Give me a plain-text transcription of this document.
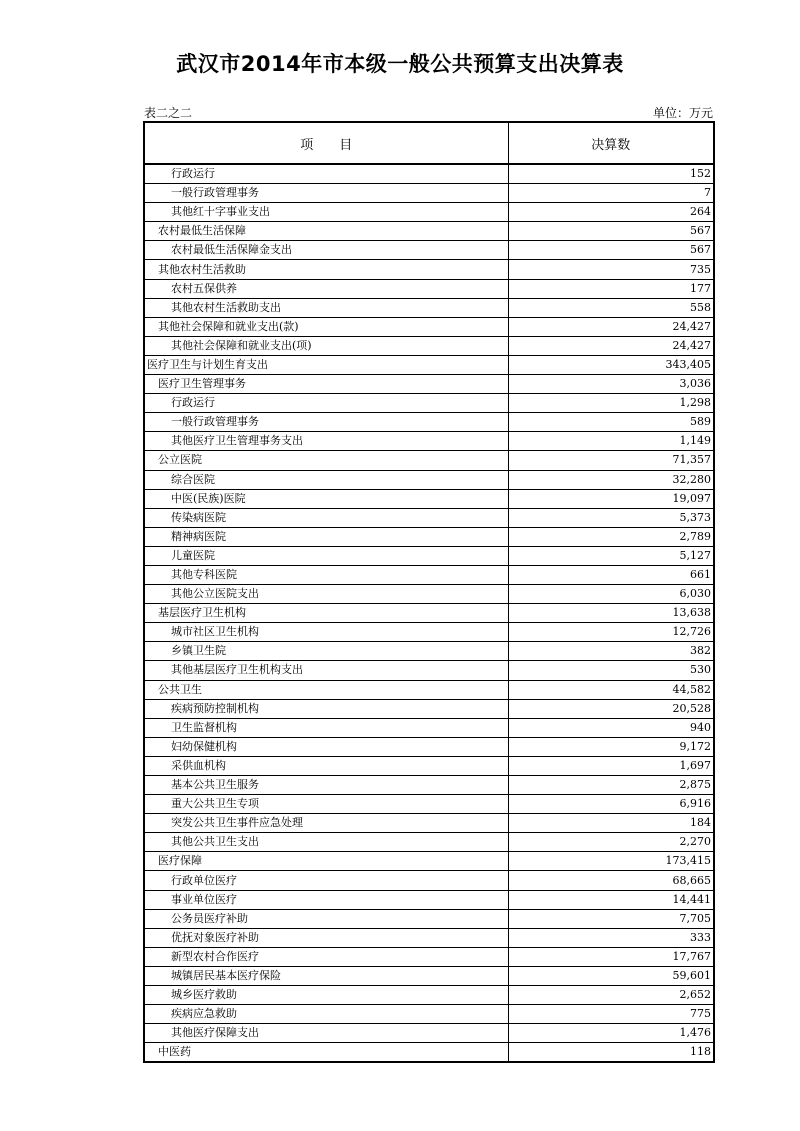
武汉市2014年市本级一般公共预算支出决算表
表二之二	单位：万元
项 目	决算数
行政运行	152
一般行政管理事务	7
其他红十字事业支出	264
农村最低生活保障	567
农村最低生活保障金支出	567
其他农村生活救助	735
农村五保供养	177
其他农村生活救助支出	558
其他社会保障和就业支出(款)	24,427
其他社会保障和就业支出(项)	24,427
医疗卫生与计划生育支出	343,405
医疗卫生管理事务	3,036
行政运行	1,298
一般行政管理事务	589
其他医疗卫生管理事务支出	1,149
公立医院	71,357
综合医院	32,280
中医(民族)医院	19,097
传染病医院	5,373
精神病医院	2,789
儿童医院	5,127
其他专科医院	661
其他公立医院支出	6,030
基层医疗卫生机构	13,638
城市社区卫生机构	12,726
乡镇卫生院	382
其他基层医疗卫生机构支出	530
公共卫生	44,582
疾病预防控制机构	20,528
卫生监督机构	940
妇幼保健机构	9,172
采供血机构	1,697
基本公共卫生服务	2,875
重大公共卫生专项	6,916
突发公共卫生事件应急处理	184
其他公共卫生支出	2,270
医疗保障	173,415
行政单位医疗	68,665
事业单位医疗	14,441
公务员医疗补助	7,705
优抚对象医疗补助	333
新型农村合作医疗	17,767
城镇居民基本医疗保险	59,601
城乡医疗救助	2,652
疾病应急救助	775
其他医疗保障支出	1,476
中医药	118
